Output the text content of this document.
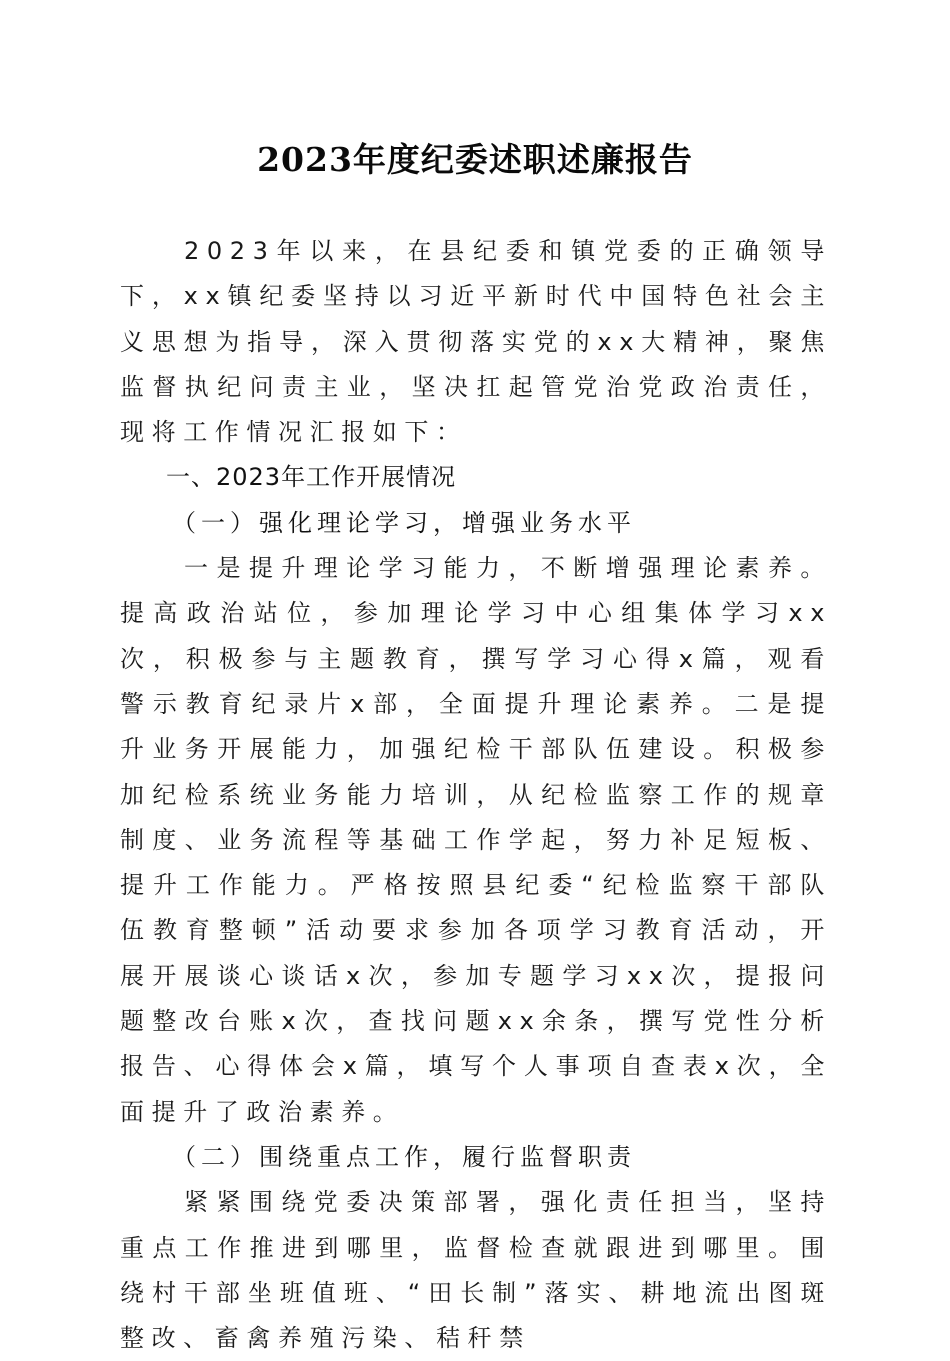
2023年度纪委述职述廉报告

2023年以来，在县纪委和镇党委的正确领导下，xx镇纪委坚持以习近平新时代中国特色社会主义思想为指导，深入贯彻落实党的xx大精神，聚焦监督执纪问责主业，坚决扛起管党治党政治责任，现将工作情况汇报如下：

一、2023年工作开展情况

（一）强化理论学习，增强业务水平

一是提升理论学习能力，不断增强理论素养。提高政治站位，参加理论学习中心组集体学习xx次，积极参与主题教育，撰写学习心得x篇，观看警示教育纪录片x部，全面提升理论素养。二是提升业务开展能力，加强纪检干部队伍建设。积极参加纪检系统业务能力培训，从纪检监察工作的规章制度、业务流程等基础工作学起，努力补足短板、提升工作能力。严格按照县纪委“纪检监察干部队伍教育整顿”活动要求参加各项学习教育活动，开展开展谈心谈话x次，参加专题学习xx次，提报问题整改台账x次，查找问题xx余条，撰写党性分析报告、心得体会x篇，填写个人事项自查表x次，全面提升了政治素养。

（二）围绕重点工作，履行监督职责

紧紧围绕党委决策部署，强化责任担当，坚持重点工作推进到哪里，监督检查就跟进到哪里。围绕村干部坐班值班、“田长制”落实、耕地流出图斑整改、畜禽养殖污染、秸秆禁
